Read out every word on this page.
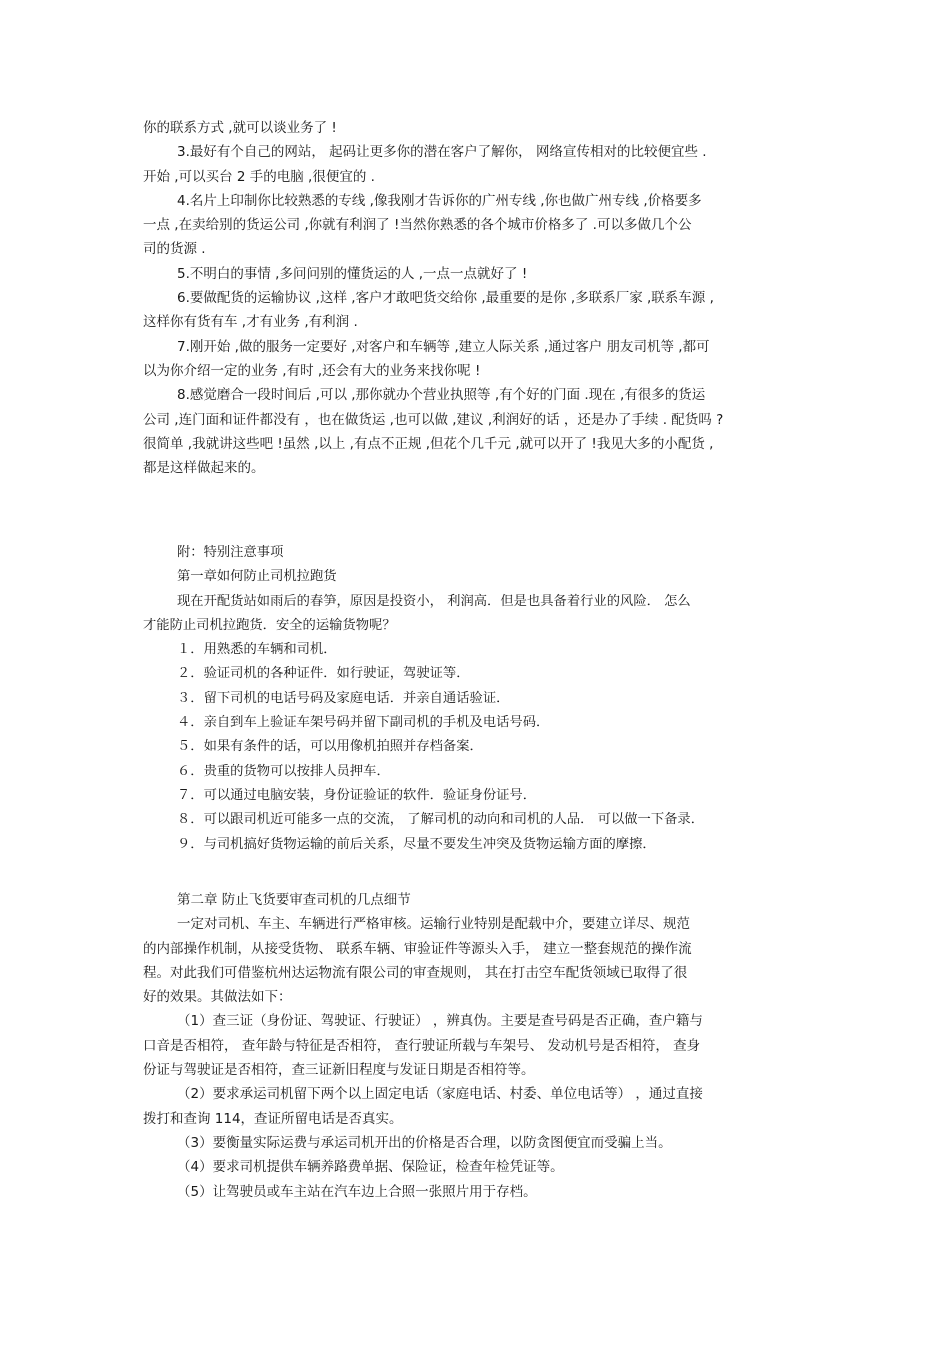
你的联系方式 ,就可以谈业务了 !
3.最好有个自己的网站， 起码让更多你的潜在客户了解你， 网络宣传相对的比较便宜些 .
开始 ,可以买台 2 手的电脑 ,很便宜的 .
4.名片上印制你比较熟悉的专线 ,像我刚才告诉你的广州专线 ,你也做广州专线 ,价格要多
一点 ,在卖给别的货运公司 ,你就有利润了 !当然你熟悉的各个城市价格多了 .可以多做几个公
司的货源 .
5.不明白的事情 ,多问问别的懂货运的人 ,一点一点就好了 !
6.要做配货的运输协议 ,这样 ,客户才敢吧货交给你 ,最重要的是你 ,多联系厂家 ,联系车源 ,
这样你有货有车 ,才有业务 ,有利润 .
7.刚开始 ,做的服务一定要好 ,对客户和车辆等 ,建立人际关系 ,通过客户 朋友司机等 ,都可
以为你介绍一定的业务 ,有时 ,还会有大的业务来找你呢 !
8.感觉磨合一段时间后 ,可以 ,那你就办个营业执照等 ,有个好的门面 .现在 ,有很多的货运
公司 ,连门面和证件都没有 ，也在做货运 ,也可以做 ,建议 ,利润好的话 ，还是办了手续 . 配货吗 ?
很简单 ,我就讲这些吧 !虽然 ,以上 ,有点不正规 ,但花个几千元 ,就可以开了 !我见大多的小配货 ,
都是这样做起来的。
附：特别注意事项
第一章如何防止司机拉跑货
现在开配货站如雨后的春笋，原因是投资小， 利润高．但是也具备着行业的风险． 怎么
才能防止司机拉跑货．安全的运输货物呢？
１．用熟悉的车辆和司机．
２．验证司机的各种证件．如行驶证，驾驶证等．
３．留下司机的电话号码及家庭电话．并亲自通话验证．
４．亲自到车上验证车架号码并留下副司机的手机及电话号码．
５．如果有条件的话，可以用像机拍照并存档备案．
６．贵重的货物可以按排人员押车．
７．可以通过电脑安装，身份证验证的软件．验证身份证号．
８．可以跟司机近可能多一点的交流， 了解司机的动向和司机的人品． 可以做一下备录．
９．与司机搞好货物运输的前后关系，尽量不要发生冲突及货物运输方面的摩擦．
第二章 防止飞货要审查司机的几点细节
一定对司机、车主、车辆进行严格审核。运输行业特别是配载中介，要建立详尽、规范
的内部操作机制，从接受货物、 联系车辆、审验证件等源头入手， 建立一整套规范的操作流
程。对此我们可借鉴杭州达运物流有限公司的审查规则， 其在打击空车配货领域已取得了很
好的效果。其做法如下：
（1）查三证（身份证、驾驶证、行驶证） ，辨真伪。主要是查号码是否正确，查户籍与
口音是否相符， 查年龄与特征是否相符， 查行驶证所载与车架号、 发动机号是否相符， 查身
份证与驾驶证是否相符，查三证新旧程度与发证日期是否相符等。
（2）要求承运司机留下两个以上固定电话（家庭电话、村委、单位电话等） ，通过直接
拨打和查询 114，查证所留电话是否真实。
（3）要衡量实际运费与承运司机开出的价格是否合理，以防贪图便宜而受骗上当。
（4）要求司机提供车辆养路费单据、保险证，检查年检凭证等。
（5）让驾驶员或车主站在汽车边上合照一张照片用于存档。
